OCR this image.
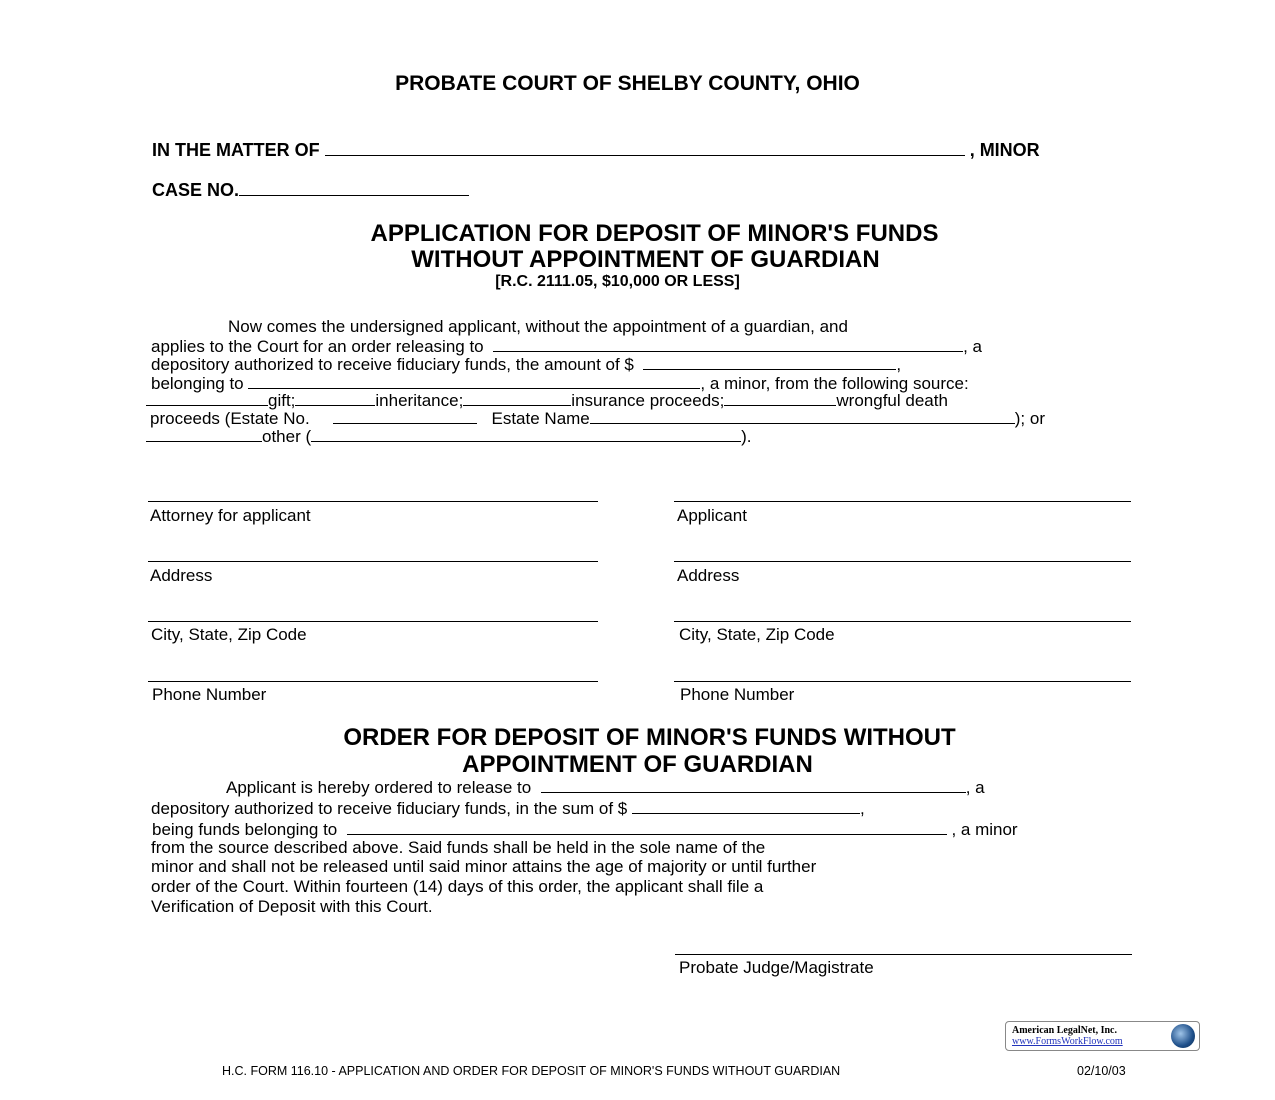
PROBATE COURT OF SHELBY COUNTY, OHIO
IN THE MATTER OF	, MINOR
CASE NO.
APPLICATION FOR DEPOSIT OF MINOR'S FUNDS
WITHOUT APPOINTMENT OF GUARDIAN
[R.C. 2111.05, $10,000 OR LESS]
Now comes the undersigned applicant, without the appointment of a guardian, and
applies to the Court for an order releasing to	, a
depository authorized to receive fiduciary funds, the amount of $	,
belonging to	, a minor, from the following source:
gift;	inheritance;	insurance proceeds;	wrongful death
proceeds (Estate No.	Estate Name	); or
other (	).
Attorney for applicant	Applicant
Address	Address
City, State, Zip Code	City, State, Zip Code
Phone Number	Phone Number
ORDER FOR DEPOSIT OF MINOR'S FUNDS WITHOUT
APPOINTMENT OF GUARDIAN
Applicant is hereby ordered to release to	, a
depository authorized to receive fiduciary funds, in the sum of $	,
being funds belonging to	, a minor
from the source described above. Said funds shall be held in the sole name of the
minor and shall not be released until said minor attains the age of majority or until further
order of the Court. Within fourteen (14) days of this order, the applicant shall file a
Verification of Deposit with this Court.
Probate Judge/Magistrate
American LegalNet, Inc.
www.FormsWorkFlow.com
H.C. FORM 116.10 - APPLICATION AND ORDER FOR DEPOSIT OF MINOR'S FUNDS WITHOUT GUARDIAN	02/10/03
